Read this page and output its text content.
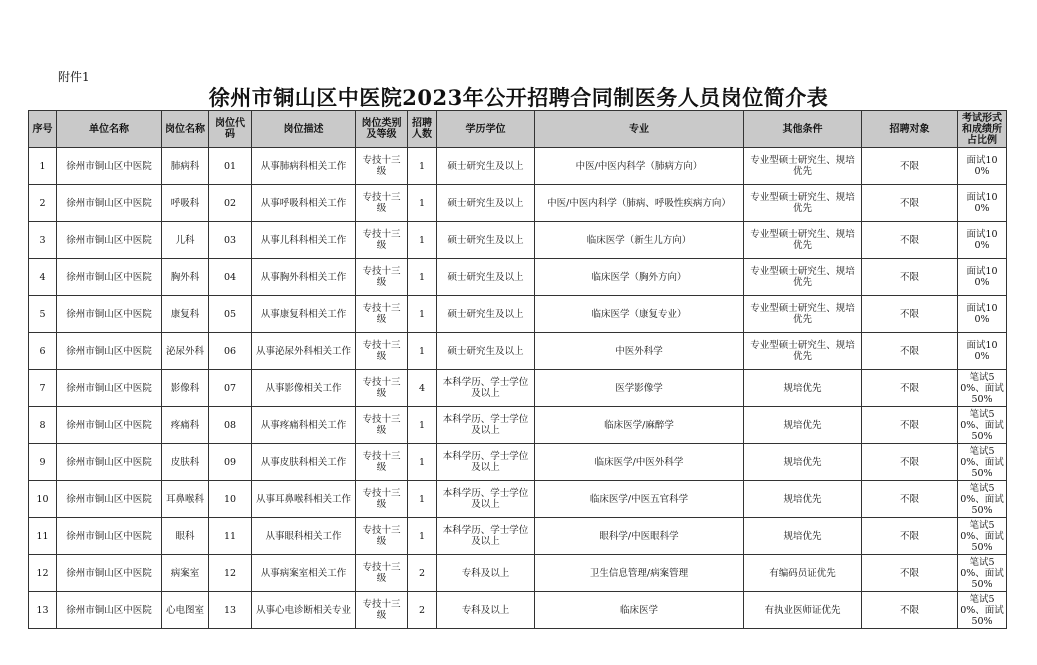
附件1
徐州市铜山区中医院2023年公开招聘合同制医务人员岗位简介表
序号	单位名称	岗位名称	岗位代码	岗位描述	岗位类别及等级	招聘人数	学历学位	专业	其他条件	招聘对象	考试形式和成绩所占比例
1	徐州市铜山区中医院	肺病科	01	从事肺病科相关工作	专技十三级	1	硕士研究生及以上	中医/中医内科学（肺病方向）	专业型硕士研究生、规培优先	不限	面试100%
2	徐州市铜山区中医院	呼吸科	02	从事呼吸科相关工作	专技十三级	1	硕士研究生及以上	中医/中医内科学（肺病、呼吸性疾病方向）	专业型硕士研究生、规培优先	不限	面试100%
3	徐州市铜山区中医院	儿科	03	从事儿科科相关工作	专技十三级	1	硕士研究生及以上	临床医学（新生儿方向）	专业型硕士研究生、规培优先	不限	面试100%
4	徐州市铜山区中医院	胸外科	04	从事胸外科相关工作	专技十三级	1	硕士研究生及以上	临床医学（胸外方向）	专业型硕士研究生、规培优先	不限	面试100%
5	徐州市铜山区中医院	康复科	05	从事康复科相关工作	专技十三级	1	硕士研究生及以上	临床医学（康复专业）	专业型硕士研究生、规培优先	不限	面试100%
6	徐州市铜山区中医院	泌尿外科	06	从事泌尿外科相关工作	专技十三级	1	硕士研究生及以上	中医外科学	专业型硕士研究生、规培优先	不限	面试100%
7	徐州市铜山区中医院	影像科	07	从事影像相关工作	专技十三级	4	本科学历、学士学位及以上	医学影像学	规培优先	不限	笔试50%、面试50%
8	徐州市铜山区中医院	疼痛科	08	从事疼痛科相关工作	专技十三级	1	本科学历、学士学位及以上	临床医学/麻醉学	规培优先	不限	笔试50%、面试50%
9	徐州市铜山区中医院	皮肤科	09	从事皮肤科相关工作	专技十三级	1	本科学历、学士学位及以上	临床医学/中医外科学	规培优先	不限	笔试50%、面试50%
10	徐州市铜山区中医院	耳鼻喉科	10	从事耳鼻喉科相关工作	专技十三级	1	本科学历、学士学位及以上	临床医学/中医五官科学	规培优先	不限	笔试50%、面试50%
11	徐州市铜山区中医院	眼科	11	从事眼科相关工作	专技十三级	1	本科学历、学士学位及以上	眼科学/中医眼科学	规培优先	不限	笔试50%、面试50%
12	徐州市铜山区中医院	病案室	12	从事病案室相关工作	专技十三级	2	专科及以上	卫生信息管理/病案管理	有编码员证优先	不限	笔试50%、面试50%
13	徐州市铜山区中医院	心电图室	13	从事心电诊断相关专业	专技十三级	2	专科及以上	临床医学	有执业医师证优先	不限	笔试50%、面试50%
